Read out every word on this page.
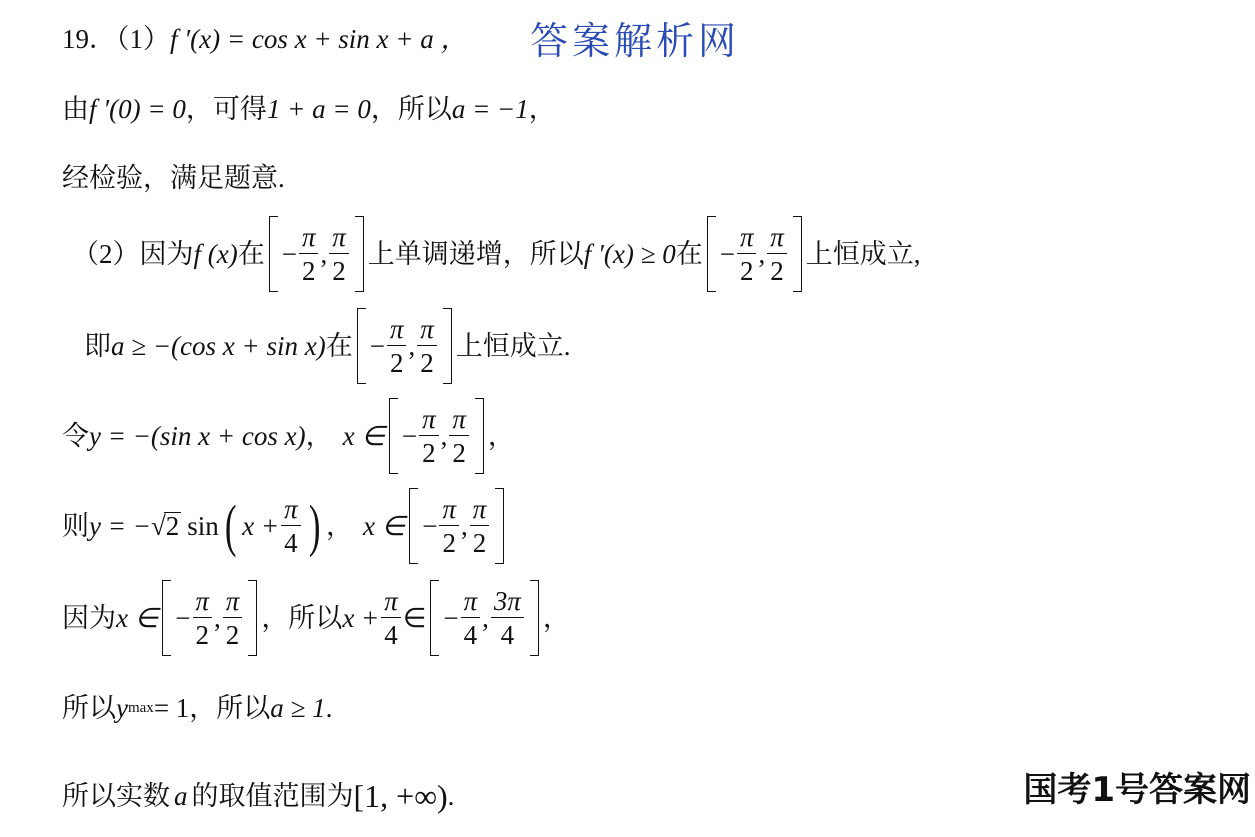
答案解析网
国考1号答案网
19．（1） f ′(x) = cos x + sin x + a ，
由 f ′(0) = 0 ，可得 1 + a = 0 ，所以 a = −1 ，
经检验，满足题意.
（2）因为 f (x) 在 − $\frac{\pi}{2}$ , $\frac{\pi}{2}$ 上单调递增，所以 f ′(x) ≥ 0 在 − $\frac{\pi}{2}$ , $\frac{\pi}{2}$ 上恒成立,
即 a ≥ −(cos x + sin x) 在 − $\frac{\pi}{2}$ , $\frac{\pi}{2}$ 上恒成立.
令 y = −(sin x + cos x) ， x ∈ − $\frac{\pi}{2}$ , $\frac{\pi}{2}$ ，
则 y = − √ 2 sin ( $x + \frac{\pi}{4}$ ) ， x ∈ − $\frac{\pi}{2}$ , $\frac{\pi}{2}$
因为 x ∈ − $\frac{\pi}{2}$ , $\frac{\pi}{2}$ ，所以 $x + \frac{\pi}{4}$ ∈ − $\frac{\pi}{4}$ , $\frac{3\pi}{4}$ ，
所以 y max = 1 ，所以 a ≥ 1 .
所以实数 a 的取值范围为 [1, +∞) .
